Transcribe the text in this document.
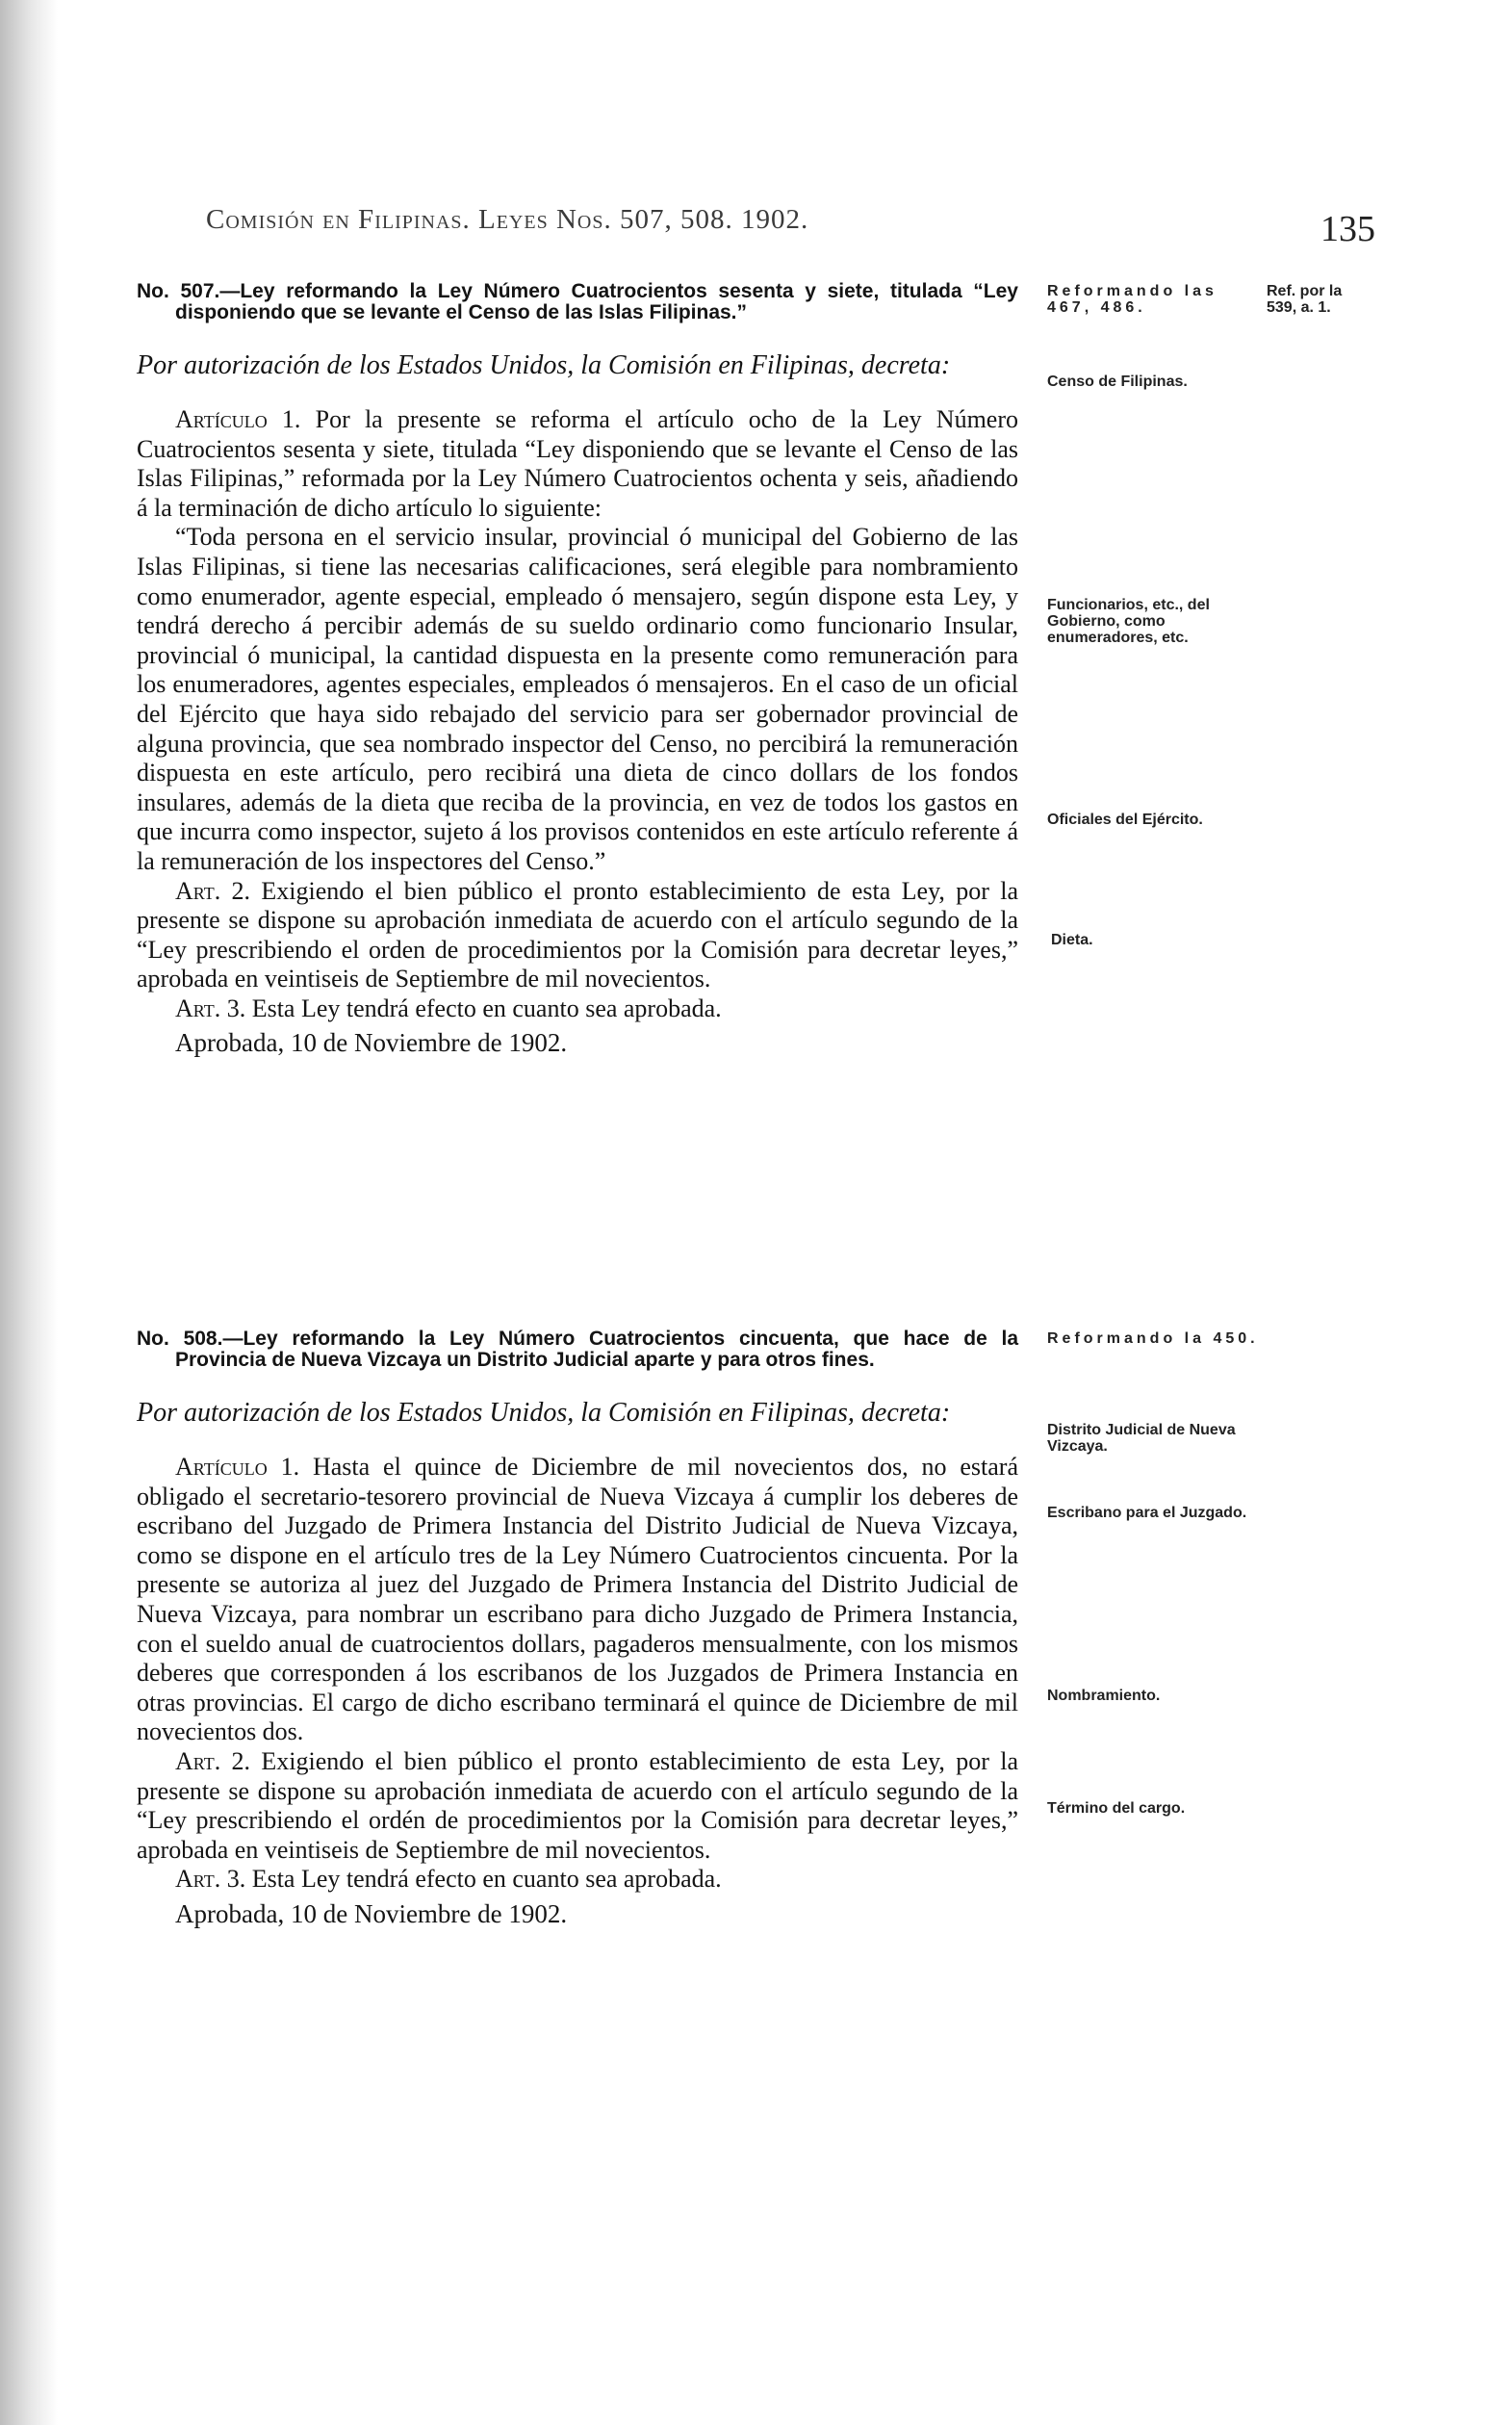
Comisión en Filipinas. Leyes Nos. 507, 508. 1902.	135
No. 507.—Ley reformando la Ley Número Cuatrocientos sesenta y siete, titulada “Ley disponiendo que se levante el Censo de las Islas Filipinas.”
Por autorización de los Estados Unidos, la Comisión en Filipinas, decreta:

Artículo 1. Por la presente se reforma el artículo ocho de la Ley Número Cuatrocientos sesenta y siete, titulada “Ley disponiendo que se levante el Censo de las Islas Filipinas,” reformada por la Ley Número Cuatrocientos ochenta y seis, añadiendo á la terminación de dicho artículo lo siguiente:

“Toda persona en el servicio insular, provincial ó municipal del Gobierno de las Islas Filipinas, si tiene las necesarias calificaciones, será elegible para nombramiento como enumerador, agente especial, empleado ó mensajero, según dispone esta Ley, y tendrá derecho á percibir además de su sueldo ordinario como funcionario Insular, provincial ó municipal, la cantidad dispuesta en la presente como remuneración para los enumeradores, agentes especiales, empleados ó mensajeros. En el caso de un oficial del Ejército que haya sido rebajado del servicio para ser gobernador provincial de alguna provincia, que sea nombrado inspector del Censo, no percibirá la remuneración dispuesta en este artículo, pero recibirá una dieta de cinco dollars de los fondos insulares, además de la dieta que reciba de la provincia, en vez de todos los gastos en que incurra como inspector, sujeto á los provisos contenidos en este artículo referente á la remuneración de los inspectores del Censo.”

Art. 2. Exigiendo el bien público el pronto establecimiento de esta Ley, por la presente se dispone su aprobación inmediata de acuerdo con el artículo segundo de la “Ley prescribiendo el orden de procedimientos por la Comisión para decretar leyes,” aprobada en veintiseis de Septiembre de mil novecientos.

Art. 3. Esta Ley tendrá efecto en cuanto sea aprobada.

Aprobada, 10 de Noviembre de 1902.

Reformando las 467, 486.
Ref. por la 539, a. 1.
Censo de Filipinas.
Funcionarios, etc., del Gobierno, como enumeradores, etc.
Oficiales del Ejército.
Dieta.
No. 508.—Ley reformando la Ley Número Cuatrocientos cincuenta, que hace de la Provincia de Nueva Vizcaya un Distrito Judicial aparte y para otros fines.
Por autorización de los Estados Unidos, la Comisión en Filipinas, decreta:

Artículo 1. Hasta el quince de Diciembre de mil novecientos dos, no estará obligado el secretario-tesorero provincial de Nueva Vizcaya á cumplir los deberes de escribano del Juzgado de Primera Instancia del Distrito Judicial de Nueva Vizcaya, como se dispone en el artículo tres de la Ley Número Cuatrocientos cincuenta. Por la presente se autoriza al juez del Juzgado de Primera Instancia del Distrito Judicial de Nueva Vizcaya, para nombrar un escribano para dicho Juzgado de Primera Instancia, con el sueldo anual de cuatrocientos dollars, pagaderos mensualmente, con los mismos deberes que corresponden á los escribanos de los Juzgados de Primera Instancia en otras provincias. El cargo de dicho escribano terminará el quince de Diciembre de mil novecientos dos.

Art. 2. Exigiendo el bien público el pronto establecimiento de esta Ley, por la presente se dispone su aprobación inmediata de acuerdo con el artículo segundo de la “Ley prescribiendo el ordén de procedimientos por la Comisión para decretar leyes,” aprobada en veintiseis de Septiembre de mil novecientos.

Art. 3. Esta Ley tendrá efecto en cuanto sea aprobada.

Aprobada, 10 de Noviembre de 1902.

Reformando la 450.
Distrito Judicial de Nueva Vizcaya.
Escribano para el Juzgado.
Nombramiento.
Término del cargo.
